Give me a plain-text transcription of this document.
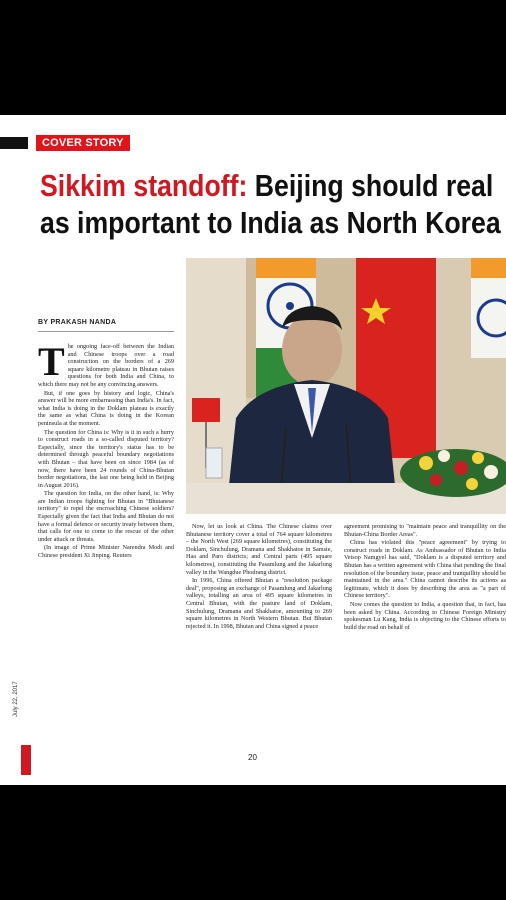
COVER STORY
Sikkim standoff: Beijing should real
as important to India as North Korea
BY PRAKASH NANDA
T he ongoing face-off between the Indian and Chinese troops over a road construction on the borders of a 269 square kilometre plateau in Bhutan raises questions for both India and China, to which there may not be any convincing answers.

But, if one goes by history and logic, China's answer will be more embarrassing than India's. In fact, what India is doing in the Doklam plateau is exactly the same as what China is doing in the Korean peninsula at the moment.

The question for China is: Why is it in such a hurry to construct roads in a so-called disputed territory? Especially, since the territory's status has to be determined through peaceful boundary negotiations with Bhutan – that have been on since 1984 (as of now, there have been 24 rounds of China-Bhutan border negotiations, the last one being held in Beijing in August 2016).

The question for India, on the other hand, is: Why are Indian troops fighting for Bhutan in "Bhutanese territory" to repel the encroaching Chinese soldiers? Especially given the fact that India and Bhutan do not have a formal defence or security treaty between them, that calls for one to come to the rescue of the other under attack or threats.

(In image of Prime Minister Narendra Modi and Chinese president Xi Jinping. Reuters

Now, let us look at China. The Chinese claims over Bhutanese territory cover a total of 764 square kilometres – the North West (269 square kilometres), constituting the Doklam, Sinchulung, Dramana and Shakhatoe in Samste, Haa and Paro districts; and Central parts (495 square kilometres), constituting the Pasamlung and the Jakarlung valley in the Wangdue Phodrang district.

In 1996, China offered Bhutan a "resolution package deal", proposing an exchange of Pasamlung and Jakarlung valleys, totalling an area of 495 square kilometres in Central Bhutan, with the pasture land of Doklam, Sinchulung, Dramana and Shakhatoe, amounting to 269 square kilometres in North Western Bhutan. But Bhutan rejected it. In 1998, Bhutan and China signed a peace

agreement promising to "maintain peace and tranquillity on the Bhutan-China Border Areas".

China has violated this "peace agreement" by trying to construct roads in Doklam. As Ambassador of Bhutan to India Vetsop Namgyel has said, "Doklam is a disputed territory and Bhutan has a written agreement with China that pending the final resolution of the boundary issue, peace and tranquillity should be maintained in the area." China cannot describe its actions as legitimate, which it does by describing the area as "a part of Chinese territory".

Now comes the question to India, a question that, in fact, has been asked by China. According to Chinese Foreign Ministry spokesman Lu Kang, India is objecting to the Chinese efforts to build the road on behalf of

July 22, 2017
20
